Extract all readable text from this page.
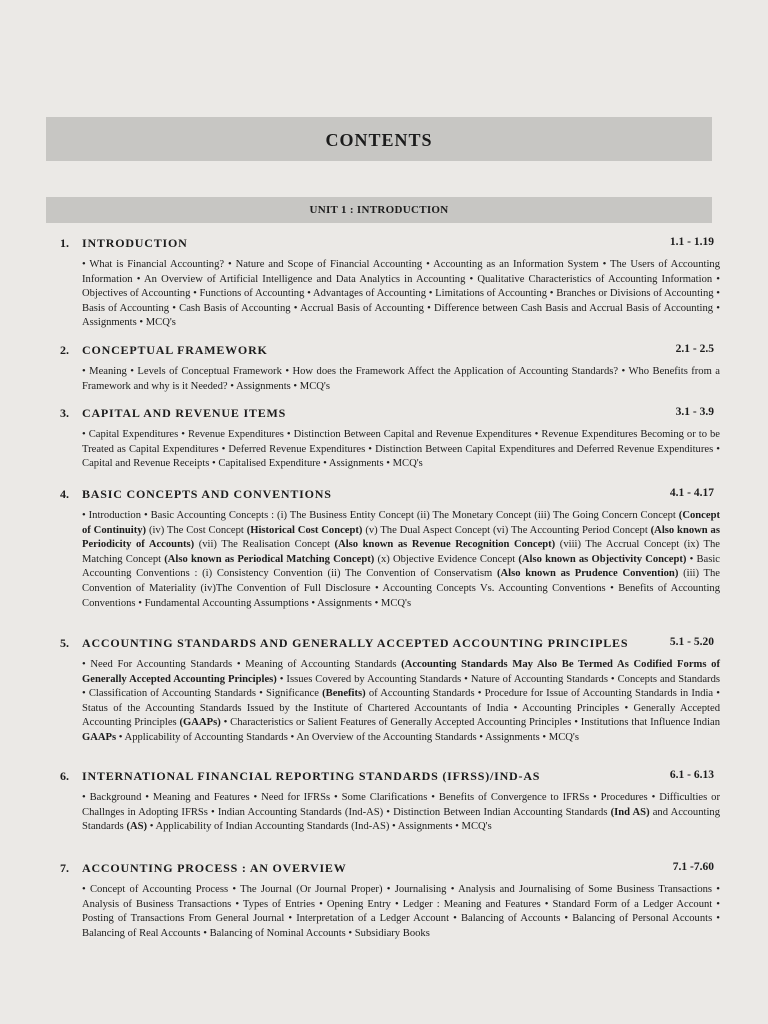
CONTENTS
UNIT 1 : INTRODUCTION
1. INTRODUCTION	1.1 - 1.19
• What is Financial Accounting? • Nature and Scope of Financial Accounting • Accounting as an Information System • The Users of Accounting Information • An Overview of Artificial Intelligence and Data Analytics in Accounting • Qualitative Characteristics of Accounting Information • Objectives of Accounting • Functions of Accounting • Advantages of Accounting • Limitations of Accounting • Branches or Divisions of Accounting • Basis of Accounting • Cash Basis of Accounting • Accrual Basis of Accounting • Difference between Cash Basis and Accrual Basis of Accounting • Assignments • MCQ's
2. CONCEPTUAL FRAMEWORK	2.1 - 2.5
• Meaning • Levels of Conceptual Framework • How does the Framework Affect the Application of Accounting Standards? • Who Benefits from a Framework and why is it Needed? • Assignments • MCQ's
3. CAPITAL AND REVENUE ITEMS	3.1 - 3.9
• Capital Expenditures • Revenue Expenditures • Distinction Between Capital and Revenue Expenditures • Revenue Expenditures Becoming or to be Treated as Capital Expenditures • Deferred Revenue Expenditures • Distinction Between Capital Expenditures and Deferred Revenue Expenditures • Capital and Revenue Receipts • Capitalised Expenditure • Assignments • MCQ's
4. BASIC CONCEPTS AND CONVENTIONS	4.1 - 4.17
• Introduction • Basic Accounting Concepts : (i) The Business Entity Concept (ii) The Monetary Concept (iii) The Going Concern Concept (Concept of Continuity) (iv) The Cost Concept (Historical Cost Concept) (v) The Dual Aspect Concept (vi) The Accounting Period Concept (Also known as Periodicity of Accounts) (vii) The Realisation Concept (Also known as Revenue Recognition Concept) (viii) The Accrual Concept (ix) The Matching Concept (Also known as Periodical Matching Concept) (x) Objective Evidence Concept (Also known as Objectivity Concept) • Basic Accounting Conventions : (i) Consistency Convention (ii) The Convention of Conservatism (Also known as Prudence Convention) (iii) The Convention of Materiality (iv)The Convention of Full Disclosure • Accounting Concepts Vs. Accounting Conventions • Benefits of Accounting Conventions • Fundamental Accounting Assumptions • Assignments • MCQ's
5. ACCOUNTING STANDARDS AND GENERALLY ACCEPTED ACCOUNTING PRINCIPLES	5.1 - 5.20
• Need For Accounting Standards • Meaning of Accounting Standards (Accounting Standards May Also Be Termed As Codified Forms of Generally Accepted Accounting Principles) • Issues Covered by Accounting Standards • Nature of Accounting Standards • Concepts and Standards • Classification of Accounting Standards • Significance (Benefits) of Accounting Standards • Procedure for Issue of Accounting Standards in India • Status of the Accounting Standards Issued by the Institute of Chartered Accountants of India • Accounting Principles • Generally Accepted Accounting Principles (GAAPs) • Characteristics or Salient Features of Generally Accepted Accounting Principles • Institutions that Influence Indian GAAPs • Applicability of Accounting Standards • An Overview of the Accounting Standards • Assignments • MCQ's
6. INTERNATIONAL FINANCIAL REPORTING STANDARDS (IFRSS)/IND-AS	6.1 - 6.13
• Background • Meaning and Features • Need for IFRSs • Some Clarifications • Benefits of Convergence to IFRSs • Procedures • Difficulties or Challnges in Adopting IFRSs • Indian Accounting Standards (Ind-AS) • Distinction Between Indian Accounting Standards (Ind AS) and Accounting Standards (AS) • Applicability of Indian Accounting Standards (Ind-AS) • Assignments • MCQ's
7. ACCOUNTING PROCESS : AN OVERVIEW	7.1 -7.60
• Concept of Accounting Process • The Journal (Or Journal Proper) • Journalising • Analysis and Journalising of Some Business Transactions • Analysis of Business Transactions • Types of Entries • Opening Entry • Ledger : Meaning and Features • Standard Form of a Ledger Account • Posting of Transactions From General Journal • Interpretation of a Ledger Account • Balancing of Accounts • Balancing of Personal Accounts • Balancing of Real Accounts • Balancing of Nominal Accounts • Subsidiary Books
